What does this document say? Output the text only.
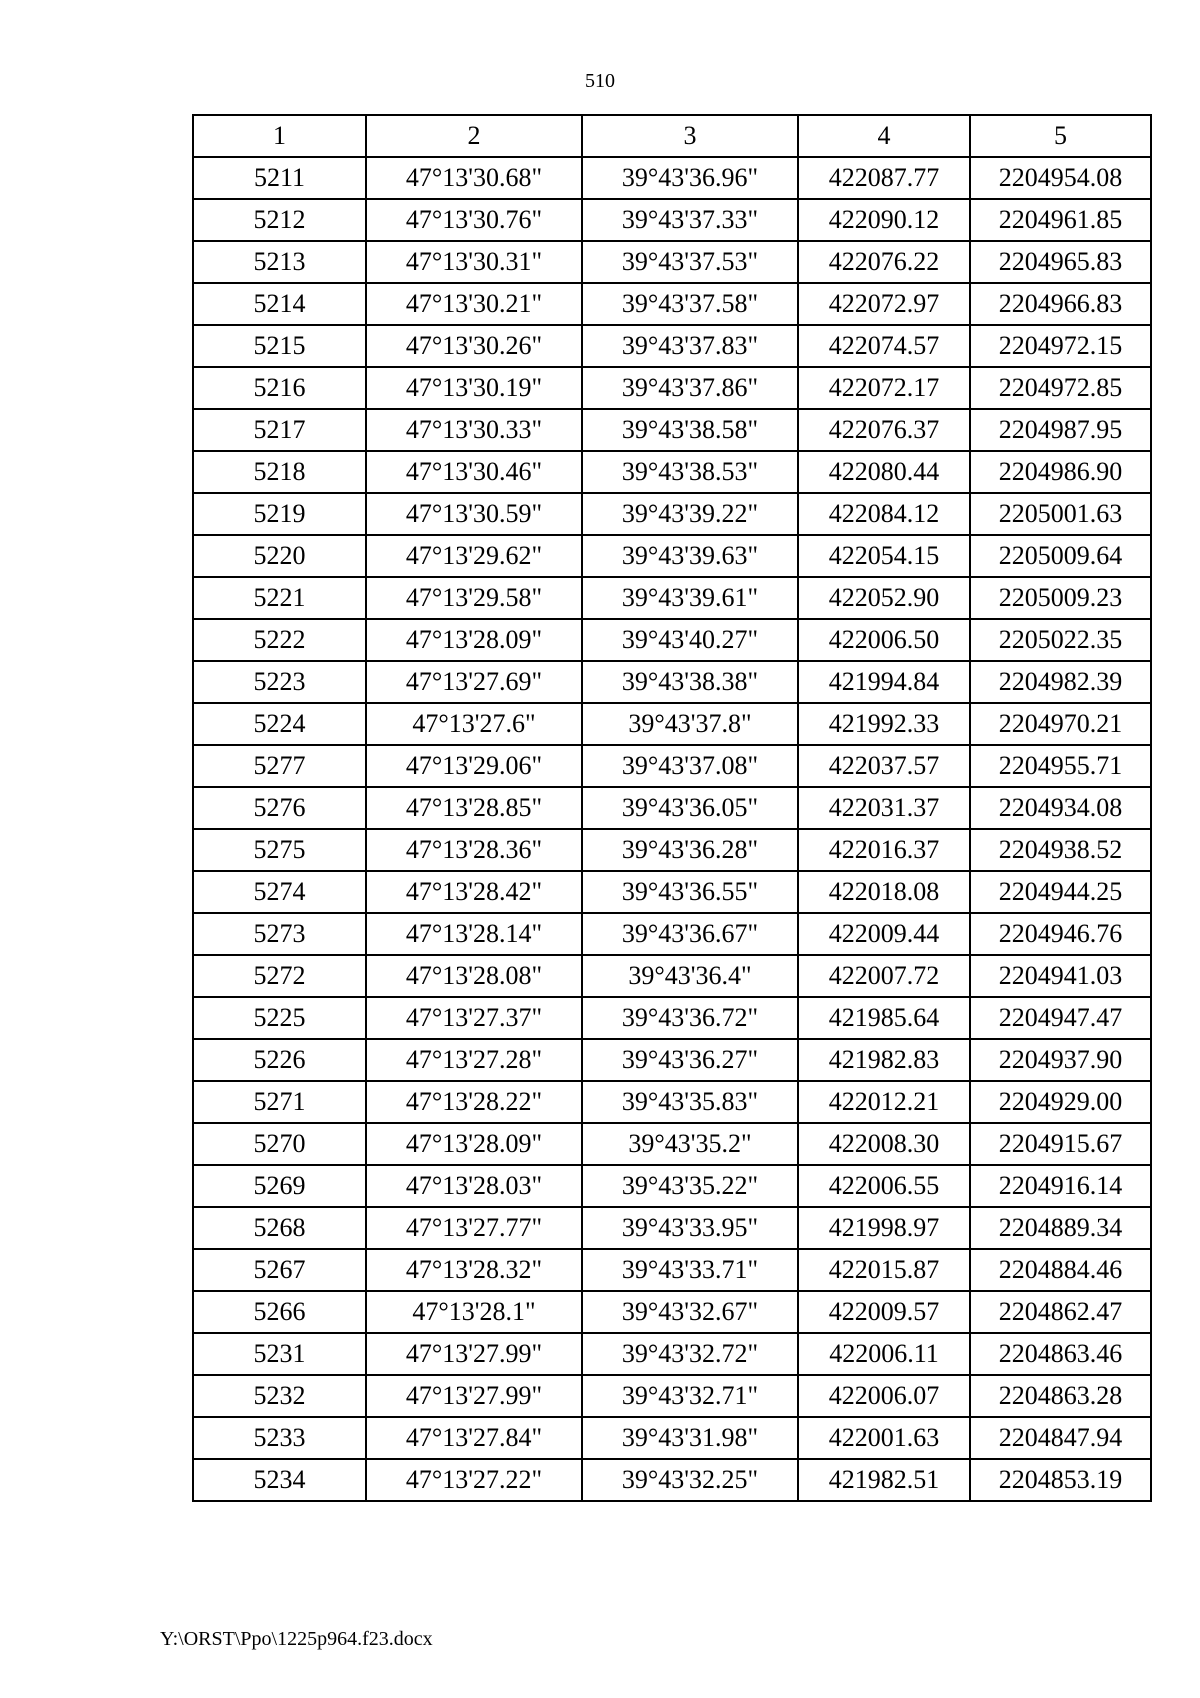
510
1	2	3	4	5
5211	47°13'30.68"	39°43'36.96"	422087.77	2204954.08
5212	47°13'30.76"	39°43'37.33"	422090.12	2204961.85
5213	47°13'30.31"	39°43'37.53"	422076.22	2204965.83
5214	47°13'30.21"	39°43'37.58"	422072.97	2204966.83
5215	47°13'30.26"	39°43'37.83"	422074.57	2204972.15
5216	47°13'30.19"	39°43'37.86"	422072.17	2204972.85
5217	47°13'30.33"	39°43'38.58"	422076.37	2204987.95
5218	47°13'30.46"	39°43'38.53"	422080.44	2204986.90
5219	47°13'30.59"	39°43'39.22"	422084.12	2205001.63
5220	47°13'29.62"	39°43'39.63"	422054.15	2205009.64
5221	47°13'29.58"	39°43'39.61"	422052.90	2205009.23
5222	47°13'28.09"	39°43'40.27"	422006.50	2205022.35
5223	47°13'27.69"	39°43'38.38"	421994.84	2204982.39
5224	47°13'27.6"	39°43'37.8"	421992.33	2204970.21
5277	47°13'29.06"	39°43'37.08"	422037.57	2204955.71
5276	47°13'28.85"	39°43'36.05"	422031.37	2204934.08
5275	47°13'28.36"	39°43'36.28"	422016.37	2204938.52
5274	47°13'28.42"	39°43'36.55"	422018.08	2204944.25
5273	47°13'28.14"	39°43'36.67"	422009.44	2204946.76
5272	47°13'28.08"	39°43'36.4"	422007.72	2204941.03
5225	47°13'27.37"	39°43'36.72"	421985.64	2204947.47
5226	47°13'27.28"	39°43'36.27"	421982.83	2204937.90
5271	47°13'28.22"	39°43'35.83"	422012.21	2204929.00
5270	47°13'28.09"	39°43'35.2"	422008.30	2204915.67
5269	47°13'28.03"	39°43'35.22"	422006.55	2204916.14
5268	47°13'27.77"	39°43'33.95"	421998.97	2204889.34
5267	47°13'28.32"	39°43'33.71"	422015.87	2204884.46
5266	47°13'28.1"	39°43'32.67"	422009.57	2204862.47
5231	47°13'27.99"	39°43'32.72"	422006.11	2204863.46
5232	47°13'27.99"	39°43'32.71"	422006.07	2204863.28
5233	47°13'27.84"	39°43'31.98"	422001.63	2204847.94
5234	47°13'27.22"	39°43'32.25"	421982.51	2204853.19
Y:\ORST\Ppo\1225p964.f23.docx
